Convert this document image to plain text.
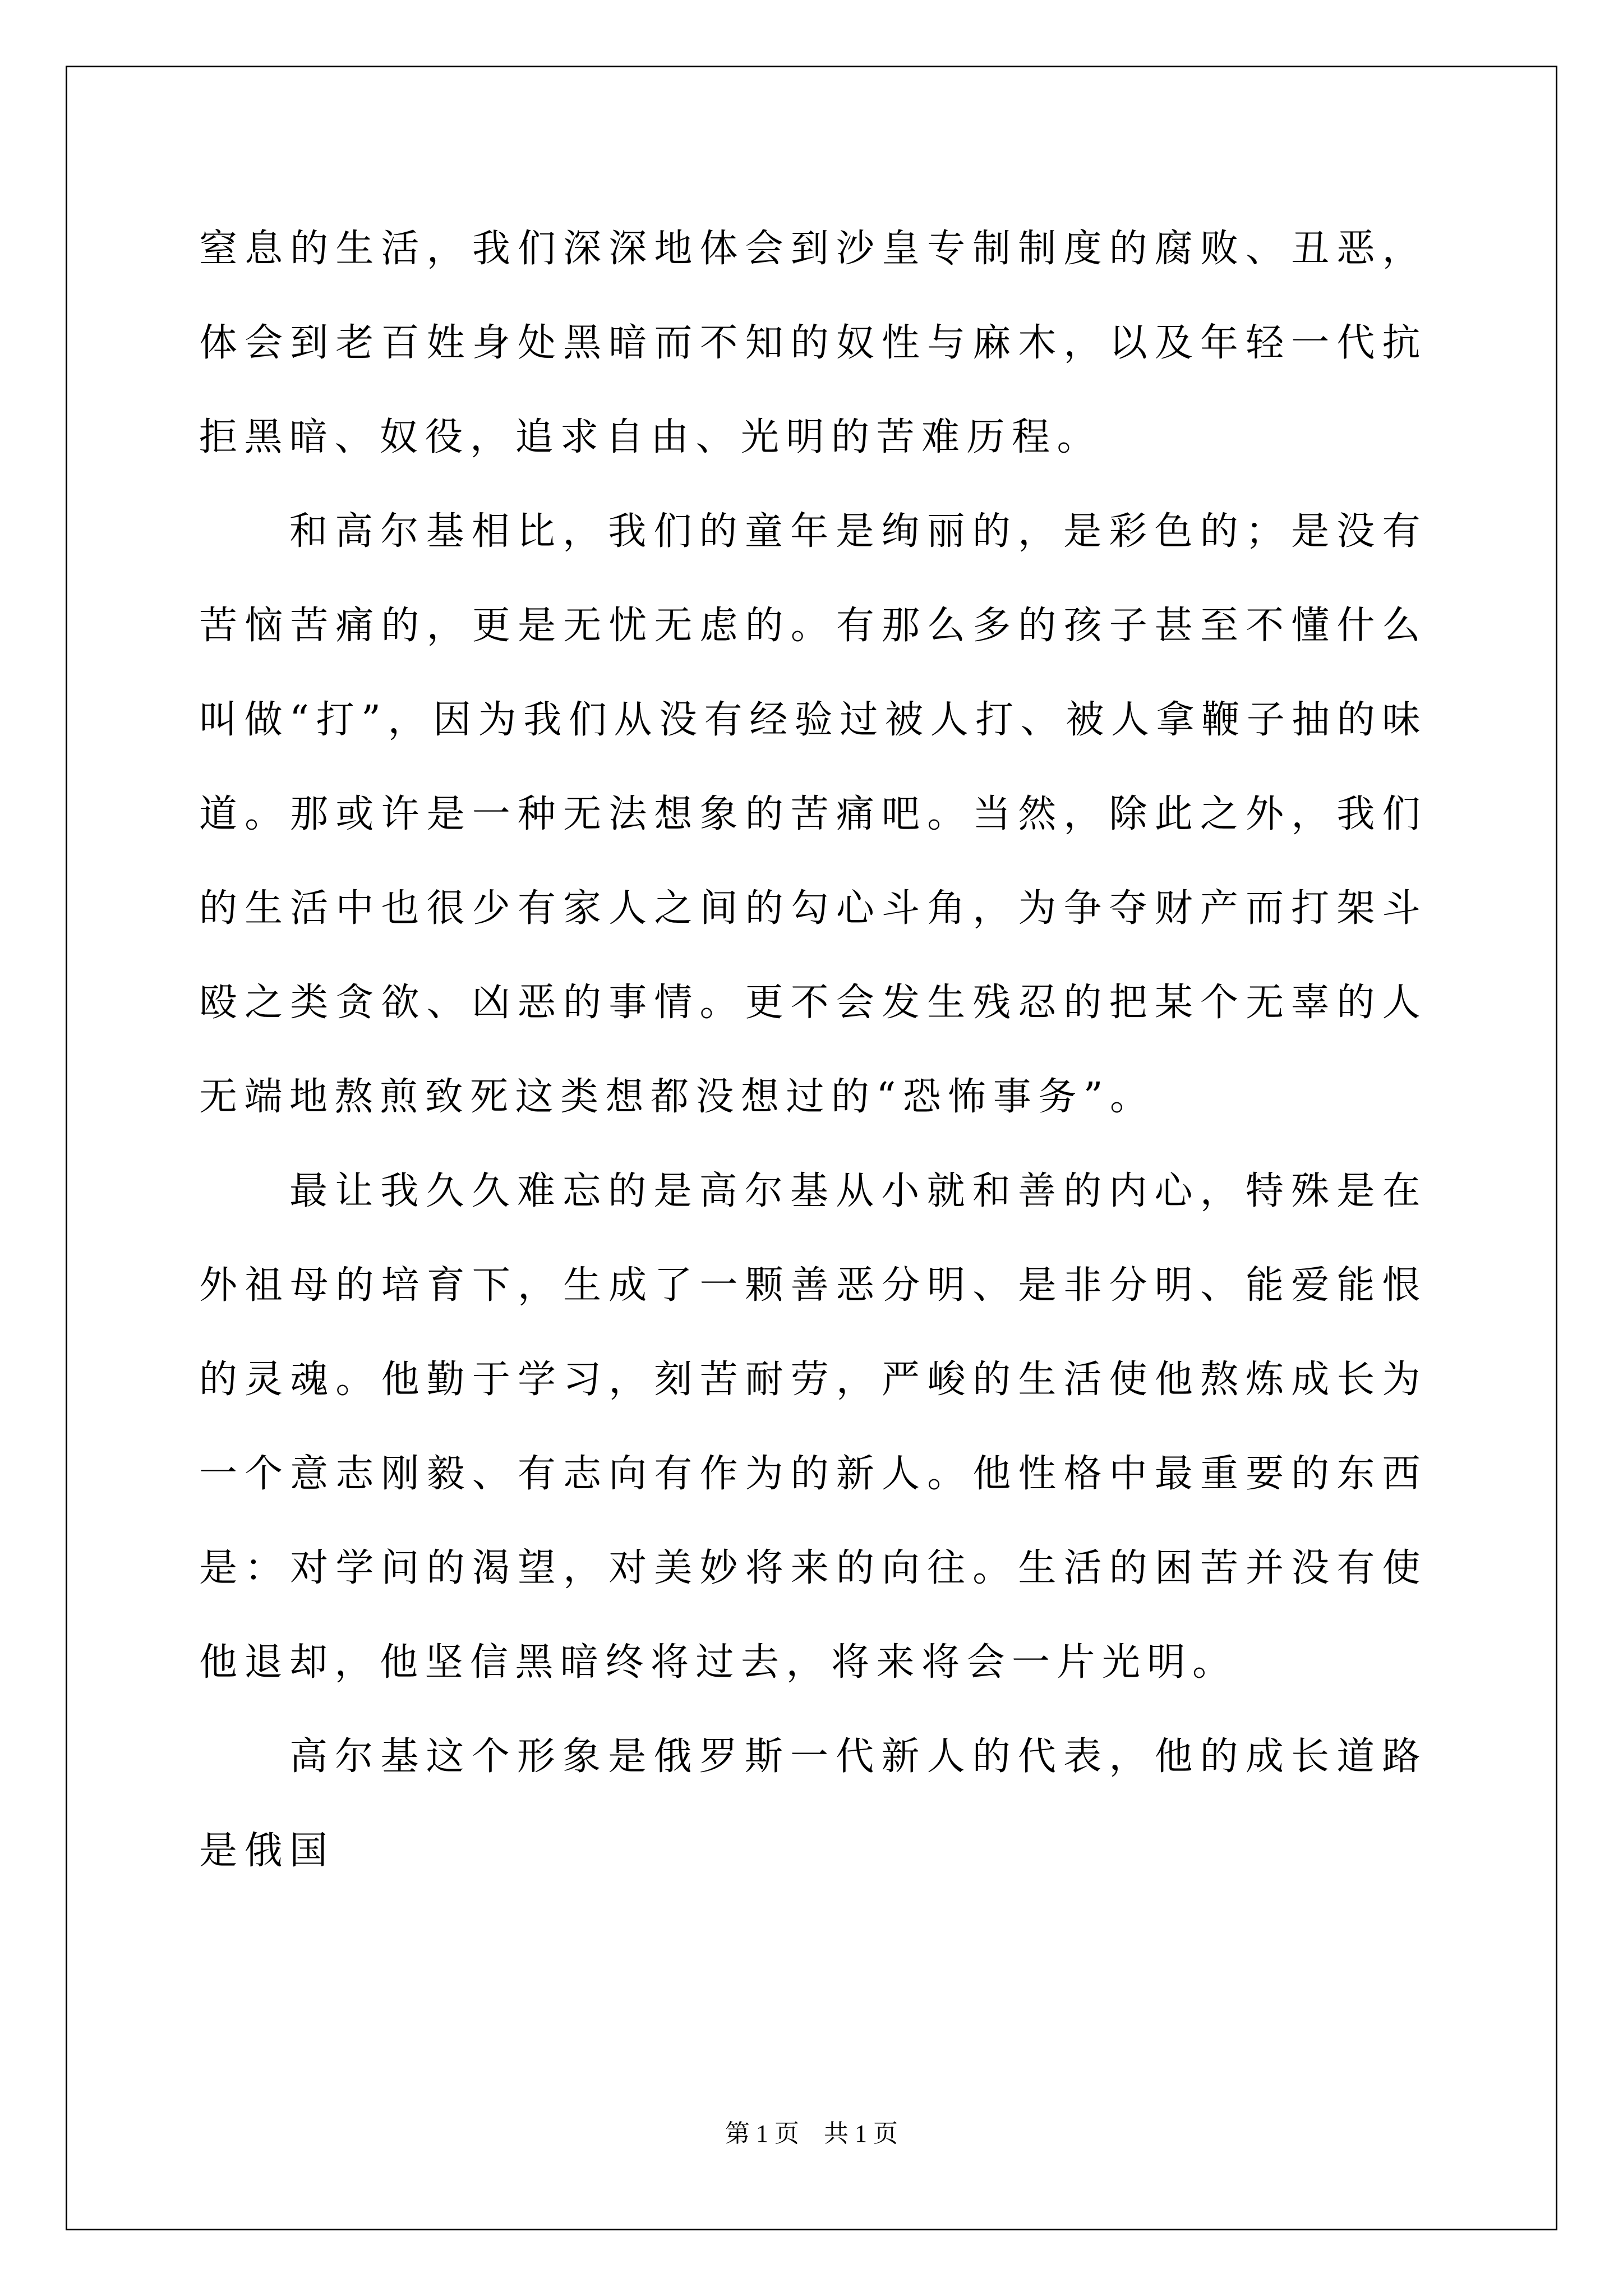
窒息的生活，我们深深地体会到沙皇专制制度的腐败、丑恶，体会到老百姓身处黑暗而不知的奴性与麻木，以及年轻一代抗拒黑暗、奴役，追求自由、光明的苦难历程。

和高尔基相比，我们的童年是绚丽的，是彩色的；是没有苦恼苦痛的，更是无忧无虑的。有那么多的孩子甚至不懂什么叫做“打”，因为我们从没有经验过被人打、被人拿鞭子抽的味道。那或许是一种无法想象的苦痛吧。当然，除此之外，我们的生活中也很少有家人之间的勾心斗角，为争夺财产而打架斗殴之类贪欲、凶恶的事情。更不会发生残忍的把某个无辜的人无端地熬煎致死这类想都没想过的“恐怖事务”。

最让我久久难忘的是高尔基从小就和善的内心，特殊是在外祖母的培育下，生成了一颗善恶分明、是非分明、能爱能恨的灵魂。他勤于学习，刻苦耐劳，严峻的生活使他熬炼成长为一个意志刚毅、有志向有作为的新人。他性格中最重要的东西是：对学问的渴望，对美妙将来的向往。生活的困苦并没有使他退却，他坚信黑暗终将过去，将来将会一片光明。

高尔基这个形象是俄罗斯一代新人的代表，他的成长道路是俄国

第 1 页　共 1 页
